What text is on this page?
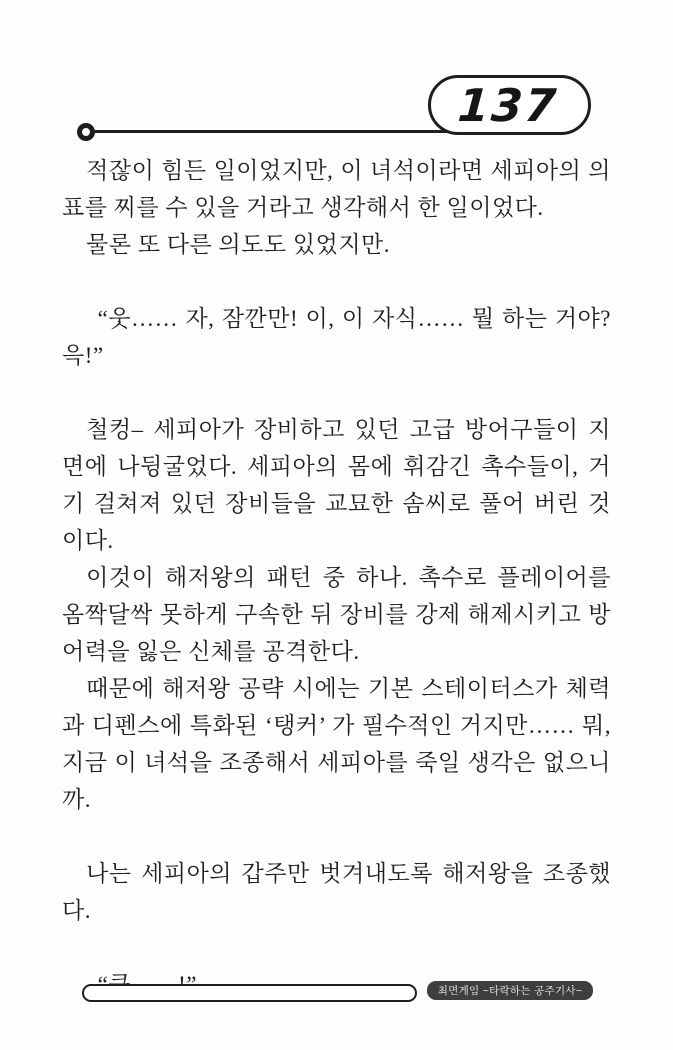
137

적잖이 힘든 일이었지만, 이 녀석이라면 세피아의 의표를 찌를 수 있을 거라고 생각해서 한 일이었다.

물론 또 다른 의도도 있었지만.

“웃…… 자, 잠깐만! 이, 이 자식…… 뭘 하는 거야? 윽!”

철컹– 세피아가 장비하고 있던 고급 방어구들이 지면에 나뒹굴었다. 세피아의 몸에 휘감긴 촉수들이, 거기 걸쳐져 있던 장비들을 교묘한 솜씨로 풀어 버린 것이다.

이것이 해저왕의 패턴 중 하나. 촉수로 플레이어를 옴짝달싹 못하게 구속한 뒤 장비를 강제 해제시키고 방어력을 잃은 신체를 공격한다.

때문에 해저왕 공략 시에는 기본 스테이터스가 체력과 디펜스에 특화된 ‘탱커’ 가 필수적인 거지만…… 뭐, 지금 이 녀석을 조종해서 세피아를 죽일 생각은 없으니까.

나는 세피아의 갑주만 벗겨내도록 해저왕을 조종했다.

최면게임 ~타락하는 공주기사~
